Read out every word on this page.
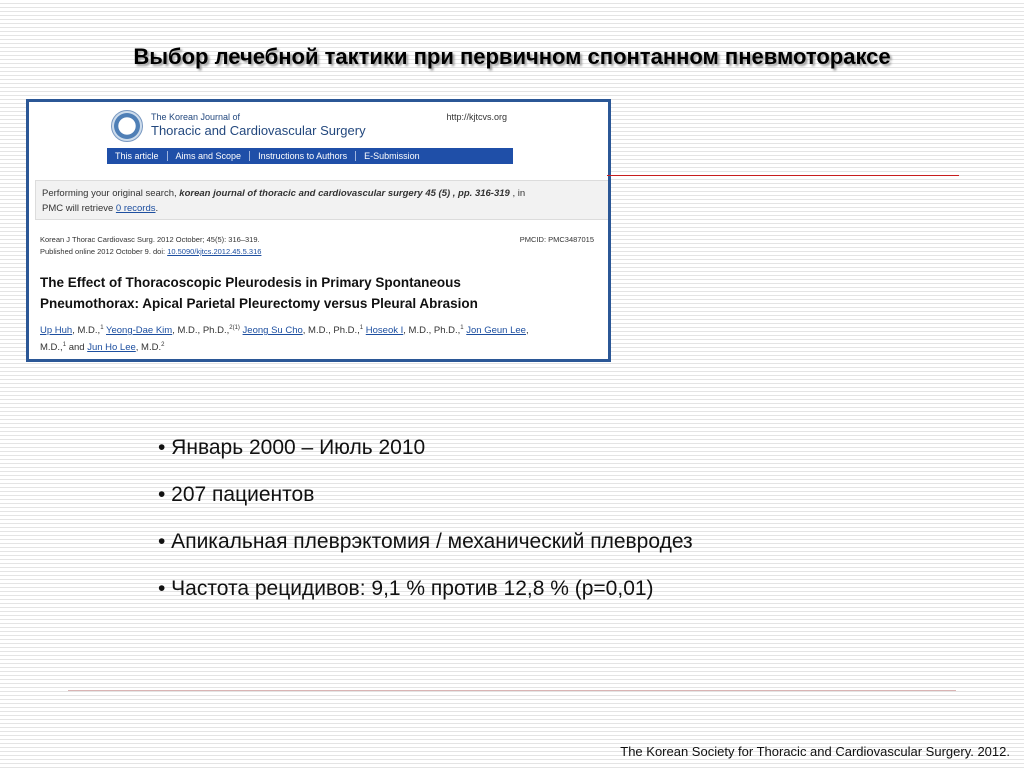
Выбор лечебной тактики при первичном спонтанном пневмотораксе
The Korean Journal of
Thoracic and Cardiovascular Surgery
http://kjtcvs.org
This article	Aims and Scope	Instructions to Authors	E-Submission
Performing your original search, korean journal of thoracic and cardiovascular surgery 45 (5) , pp. 316-319 , in
PMC will retrieve 0 records.
Korean J Thorac Cardiovasc Surg. 2012 October; 45(5): 316–319.
Published online 2012 October 9. doi: 10.5090/kjtcs.2012.45.5.316
PMCID: PMC3487015
The Effect of Thoracoscopic Pleurodesis in Primary Spontaneous
Pneumothorax: Apical Parietal Pleurectomy versus Pleural Abrasion
Up Huh, M.D.,$^1$ Yeong-Dae Kim, M.D., Ph.D.,$^{2(1)}$ Jeong Su Cho, M.D., Ph.D.,$^1$ Hoseok I, M.D., Ph.D.,$^1$ Jon Geun Lee,
M.D.,$^1$ and Jun Ho Lee, M.D.$^2$
• Январь 2000 – Июль 2010
• 207 пациентов
• Апикальная плеврэктомия / механический плевродез
• Частота рецидивов: 9,1 % против 12,8 % (p=0,01)
The Korean Society for Thoracic and Cardiovascular Surgery. 2012.
